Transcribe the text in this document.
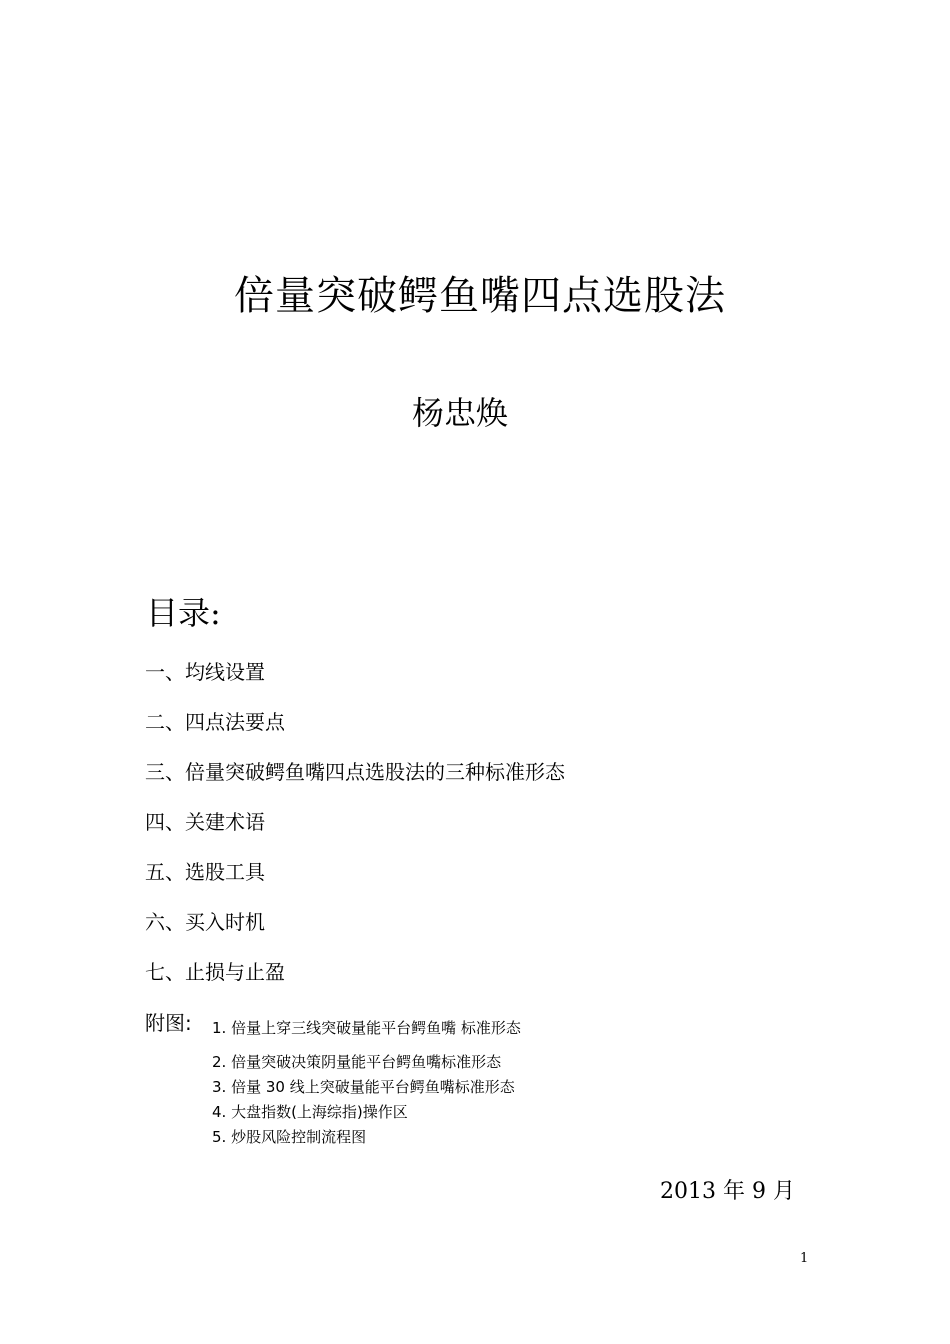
倍量突破鳄鱼嘴四点选股法
杨忠焕
目录:
一、均线设置
二、四点法要点
三、倍量突破鳄鱼嘴四点选股法的三种标准形态
四、关建术语
五、选股工具
六、买入时机
七、止损与止盈
附图: 1. 倍量上穿三线突破量能平台鳄鱼嘴 标准形态
2. 倍量突破决策阴量能平台鳄鱼嘴标准形态
3. 倍量 30 线上突破量能平台鳄鱼嘴标准形态
4. 大盘指数(上海综指)操作区
5. 炒股风险控制流程图
2013 年 9 月
1
